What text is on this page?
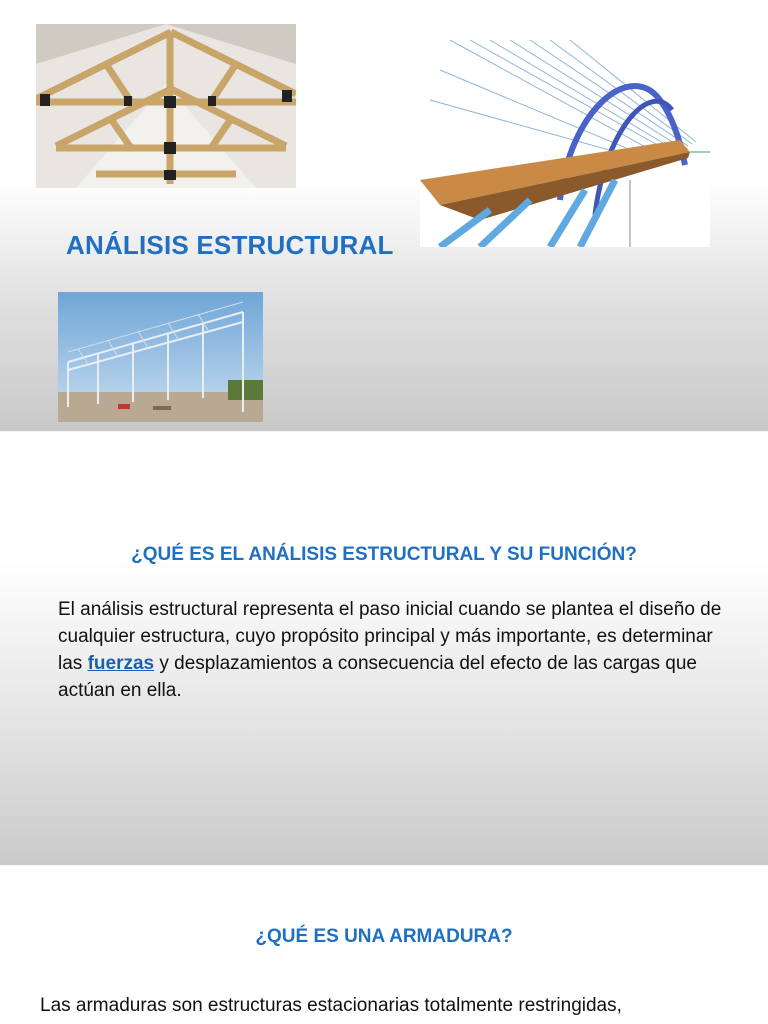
ANÁLISIS ESTRUCTURAL
¿QUÉ ES EL ANÁLISIS ESTRUCTURAL Y SU FUNCIÓN?
El análisis estructural representa el paso inicial cuando se plantea el diseño de cualquier estructura, cuyo propósito principal y más importante, es determinar las fuerzas y desplazamientos a consecuencia del efecto de las cargas que actúan en ella.
¿QUÉ ES UNA ARMADURA?
Las armaduras son estructuras estacionarias totalmente restringidas,
